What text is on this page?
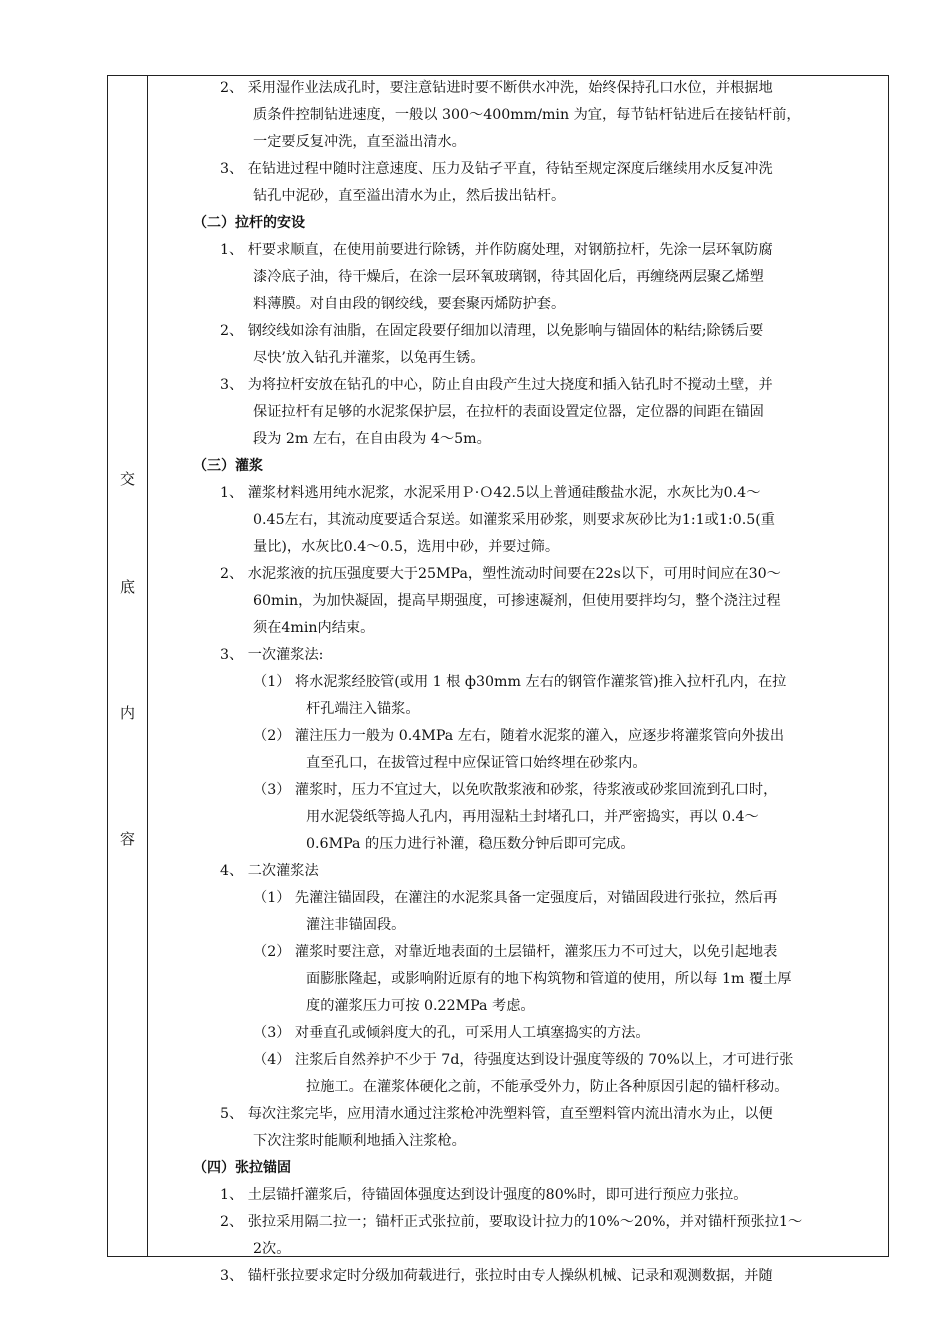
交
底
内
容
2、 采用湿作业法成孔时，要注意钻进时要不断供水冲洗，始终保持孔口水位，并根据地
质条件控制钻进速度，一般以 300～400mm/min 为宜，每节钻杆钻进后在接钻杆前，
一定要反复冲洗，直至溢出清水。
3、 在钻进过程中随时注意速度、压力及钻孑平直，待钻至规定深度后继续用水反复冲洗
钻孔中泥砂，直至溢出清水为止，然后拔出钻杆。
（二）拉杆的安设
1、 杆要求顺直，在使用前要进行除锈，并作防腐处理，对钢筋拉杆，先涂一层环氧防腐
漆冷底子油，待干燥后，在涂一层环氧玻璃钢，待其固化后，再缠绕两层聚乙烯塑
料薄膜。对自由段的钢绞线，要套聚丙烯防护套。
2、 钢绞线如涂有油脂，在固定段要仔细加以清理，以免影响与锚固体的粘结;除锈后要
尽快’放入钻孔并灌浆，以兔再生锈。
3、 为将拉杆安放在钻孔的中心，防止自由段产生过大挠度和插入钻孔时不搅动土壁，并
保证拉杆有足够的水泥浆保护层，在拉杆的表面设置定位器，定位器的间距在锚固
段为 2m 左右，在自由段为 4～5m。
（三）灌浆
1、 灌浆材料逃用纯水泥浆，水泥采用Ｐ·Ｏ42.5以上普通硅酸盐水泥，水灰比为0.4～
0.45左右，其流动度要适合泵送。如灌浆采用砂浆，则要求灰砂比为1:1或1:0.5(重
量比)，水灰比0.4～0.5，选用中砂，并要过筛。
2、 水泥浆液的抗压强度要大于25MPa，塑性流动时间要在22s以下，可用时间应在30～
60min，为加快凝固，提高早期强度，可掺速凝剂，但使用要拌均匀，整个浇注过程
须在4min内结束。
3、 一次灌浆法:
（1） 将水泥浆经胶管(或用 1 根 ф30mm 左右的钢管作灌浆管)推入拉杆孔内，在拉
杆孔端注入锚浆。
（2） 灌注压力一般为 0.4MPa 左右，随着水泥浆的灌入，应逐步将灌浆管向外拔出
直至孔口，在拔管过程中应保证管口始终埋在砂浆内。
（3） 灌浆时，压力不宜过大，以免吹散浆液和砂浆，待浆液或砂浆回流到孔口时，
用水泥袋纸等捣人孔内，再用湿粘土封堵孔口，并严密捣实，再以 0.4～
0.6MPa 的压力进行补灌，稳压数分钟后即可完成。
4、 二次灌浆法
（1） 先灌注锚固段，在灌注的水泥浆具备一定强度后，对锚固段进行张拉，然后再
灌注非锚固段。
（2） 灌浆时要注意，对靠近地表面的土层锚杆，灌浆压力不可过大，以免引起地表
面膨胀隆起，或影响附近原有的地下构筑物和管道的使用，所以每 1m 覆土厚
度的灌浆压力可按 0.22MPa 考虑。
（3） 对垂直孔或倾斜度大的孔，可采用人工填塞捣实的方法。
（4） 注浆后自然养护不少于 7d，待强度达到设计强度等级的 70%以上，才可进行张
拉施工。在灌浆体硬化之前，不能承受外力，防止各种原因引起的锚杆移动。
5、 每次注浆完毕，应用清水通过注浆枪冲洗塑料管，直至塑料管内流出清水为止，以便
下次注浆时能顺利地插入注浆枪。
（四）张拉锚固
1、 土层锚扦灌浆后，待锚固体强度达到设计强度的80%时，即可进行预应力张拉。
2、 张拉采用隔二拉一；锚杆正式张拉前，要取设计拉力的10%～20%，并对锚杆预张拉1～
2次。
3、 锚杆张拉要求定时分级加荷载进行，张拉时由专人操纵机械、记录和观测数据，并随
